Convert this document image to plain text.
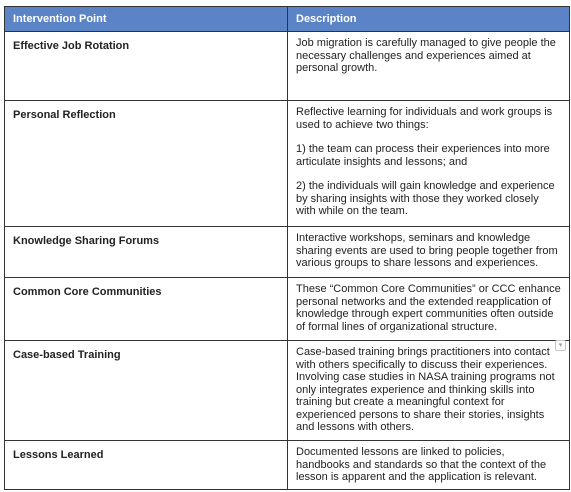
Intervention Point	Description
Effective Job Rotation	Job migration is carefully managed to give people the necessary challenges and experiences aimed at personal growth.

Personal Reflection	Reflective learning for individuals and work groups is used to achieve two things:

1) the team can process their experiences into more articulate insights and lessons; and

2) the individuals will gain knowledge and experience by sharing insights with those they worked closely with while on the team.

Knowledge Sharing Forums	Interactive workshops, seminars and knowledge sharing events are used to bring people together from various groups to share lessons and experiences.

Common Core Communities	These “Common Core Communities” or CCC enhance personal networks and the extended reapplication of knowledge through expert communities often outside of formal lines of organizational structure.

Case-based Training	Case-based training brings practitioners into contact with others specifically to discuss their experiences. Involving case studies in NASA training programs not only integrates experience and thinking skills into training but create a meaningful context for experienced persons to share their stories, insights and lessons with others.

Lessons Learned	Documented lessons are linked to policies, handbooks and standards so that the context of the lesson is apparent and the application is relevant.

▾
